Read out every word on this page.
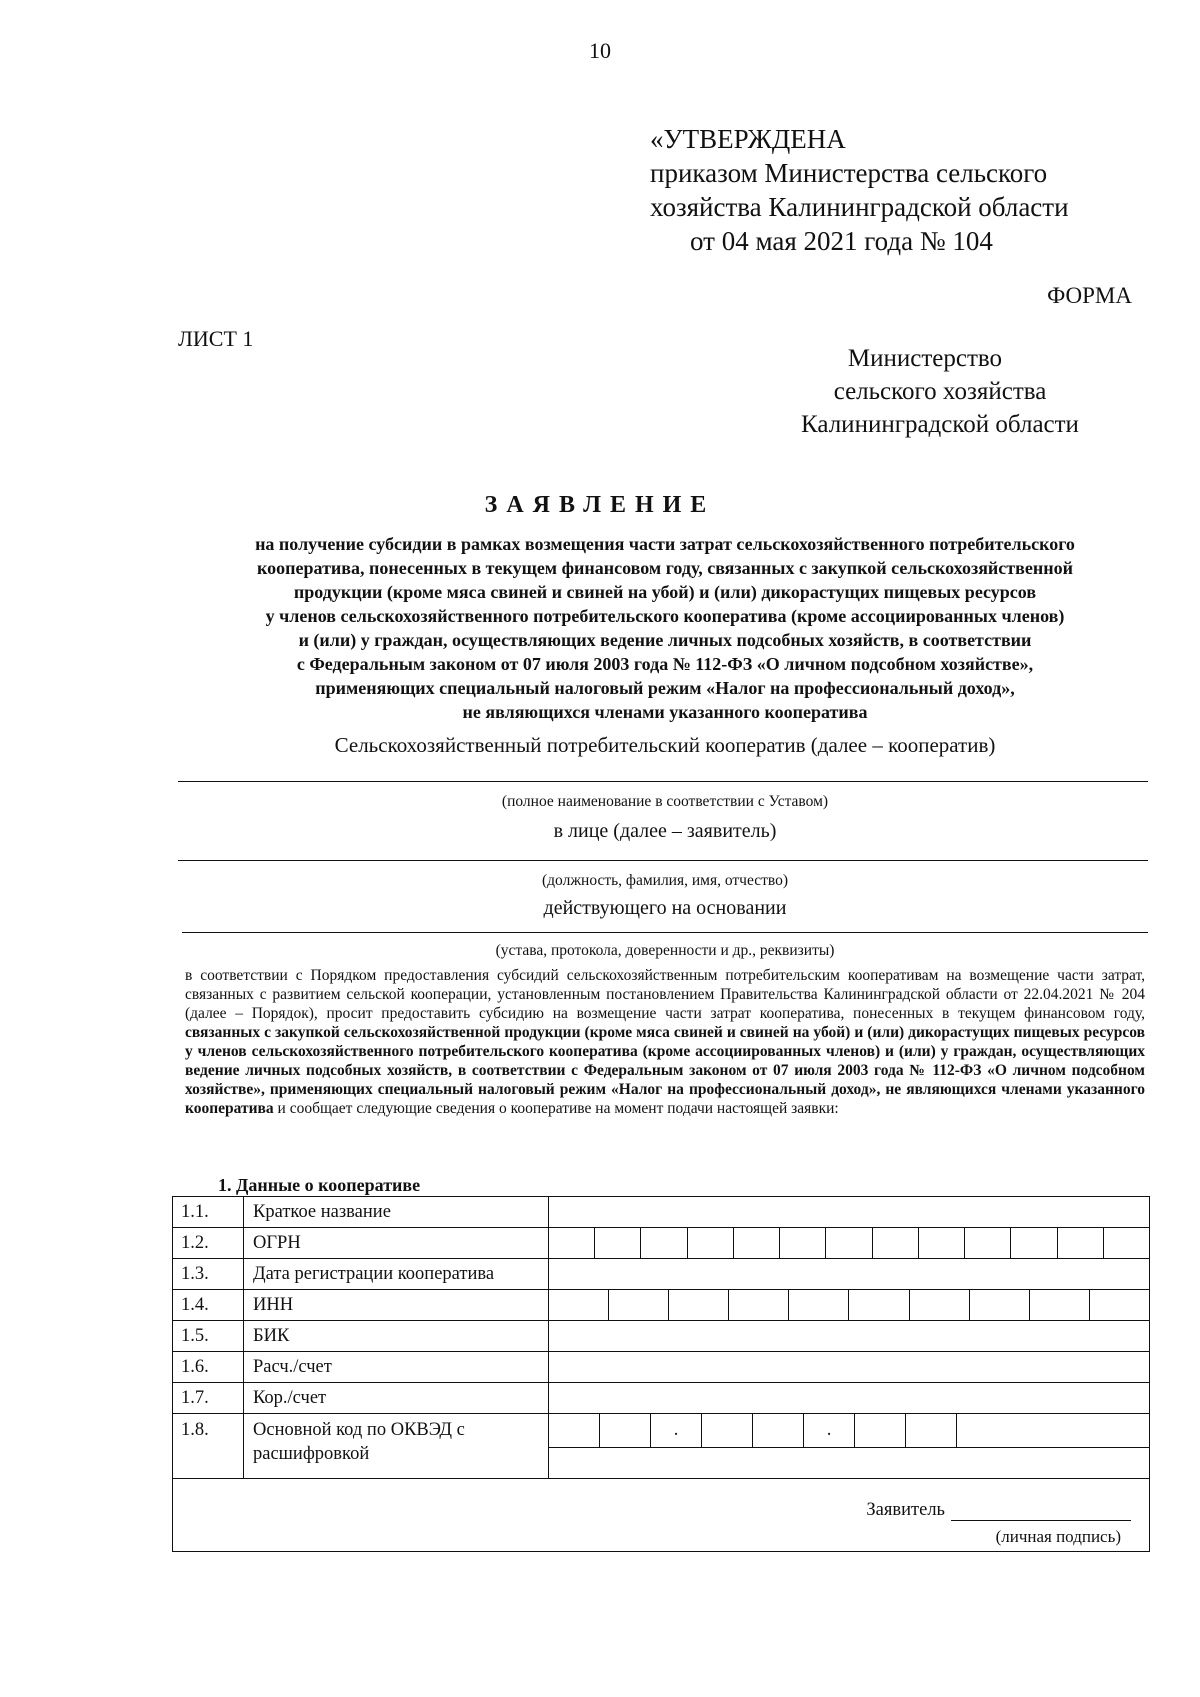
10
«УТВЕРЖДЕНА
приказом Министерства сельского
хозяйства Калининградской области
от 04 мая 2021 года № 104
ФОРМА
ЛИСТ 1
Министерство
сельского хозяйства
Калининградской области
ЗАЯВЛЕНИЕ
на получение субсидии в рамках возмещения части затрат сельскохозяйственного потребительского
кооператива, понесенных в текущем финансовом году, связанных с закупкой сельскохозяйственной
продукции (кроме мяса свиней и свиней на убой) и (или) дикорастущих пищевых ресурсов
у членов сельскохозяйственного потребительского кооператива (кроме ассоциированных членов)
и (или) у граждан, осуществляющих ведение личных подсобных хозяйств, в соответствии
с Федеральным законом от 07 июля 2003 года № 112-ФЗ «О личном подсобном хозяйстве»,
применяющих специальный налоговый режим «Налог на профессиональный доход»,
не являющихся членами указанного кооператива
Сельскохозяйственный потребительский кооператив (далее – кооператив)
(полное наименование в соответствии с Уставом)
в лице (далее – заявитель)
(должность, фамилия, имя, отчество)
действующего на основании
(устава, протокола, доверенности и др., реквизиты)
в соответствии с Порядком предоставления субсидий сельскохозяйственным потребительским кооперативам на возмещение части затрат, связанных с развитием сельской кооперации, установленным постановлением Правительства Калининградской области от 22.04.2021 № 204 (далее – Порядок), просит предоставить субсидию на возмещение части затрат кооператива, понесенных в текущем финансовом году, связанных с закупкой сельскохозяйственной продукции (кроме мяса свиней и свиней на убой) и (или) дикорастущих пищевых ресурсов у членов сельскохозяйственного потребительского кооператива (кроме ассоциированных членов) и (или) у граждан, осуществляющих ведение личных подсобных хозяйств, в соответствии с Федеральным законом от 07 июля 2003 года № 112-ФЗ «О личном подсобном хозяйстве», применяющих специальный налоговый режим «Налог на профессиональный доход», не являющихся членами указанного кооператива и сообщает следующие сведения о кооперативе на момент подачи настоящей заявки:
1. Данные о кооперативе
1.1.	Краткое название	
1.2.	ОГРН	

1.3.	Дата регистрации кооператива	
1.4.	ИНН	

1.5.	БИК	
1.6.	Расч./счет	
1.7.	Кор./счет	
1.8.	Основной код по ОКВЭД с расшифровкой	. .

Заявитель
(личная подпись)		
